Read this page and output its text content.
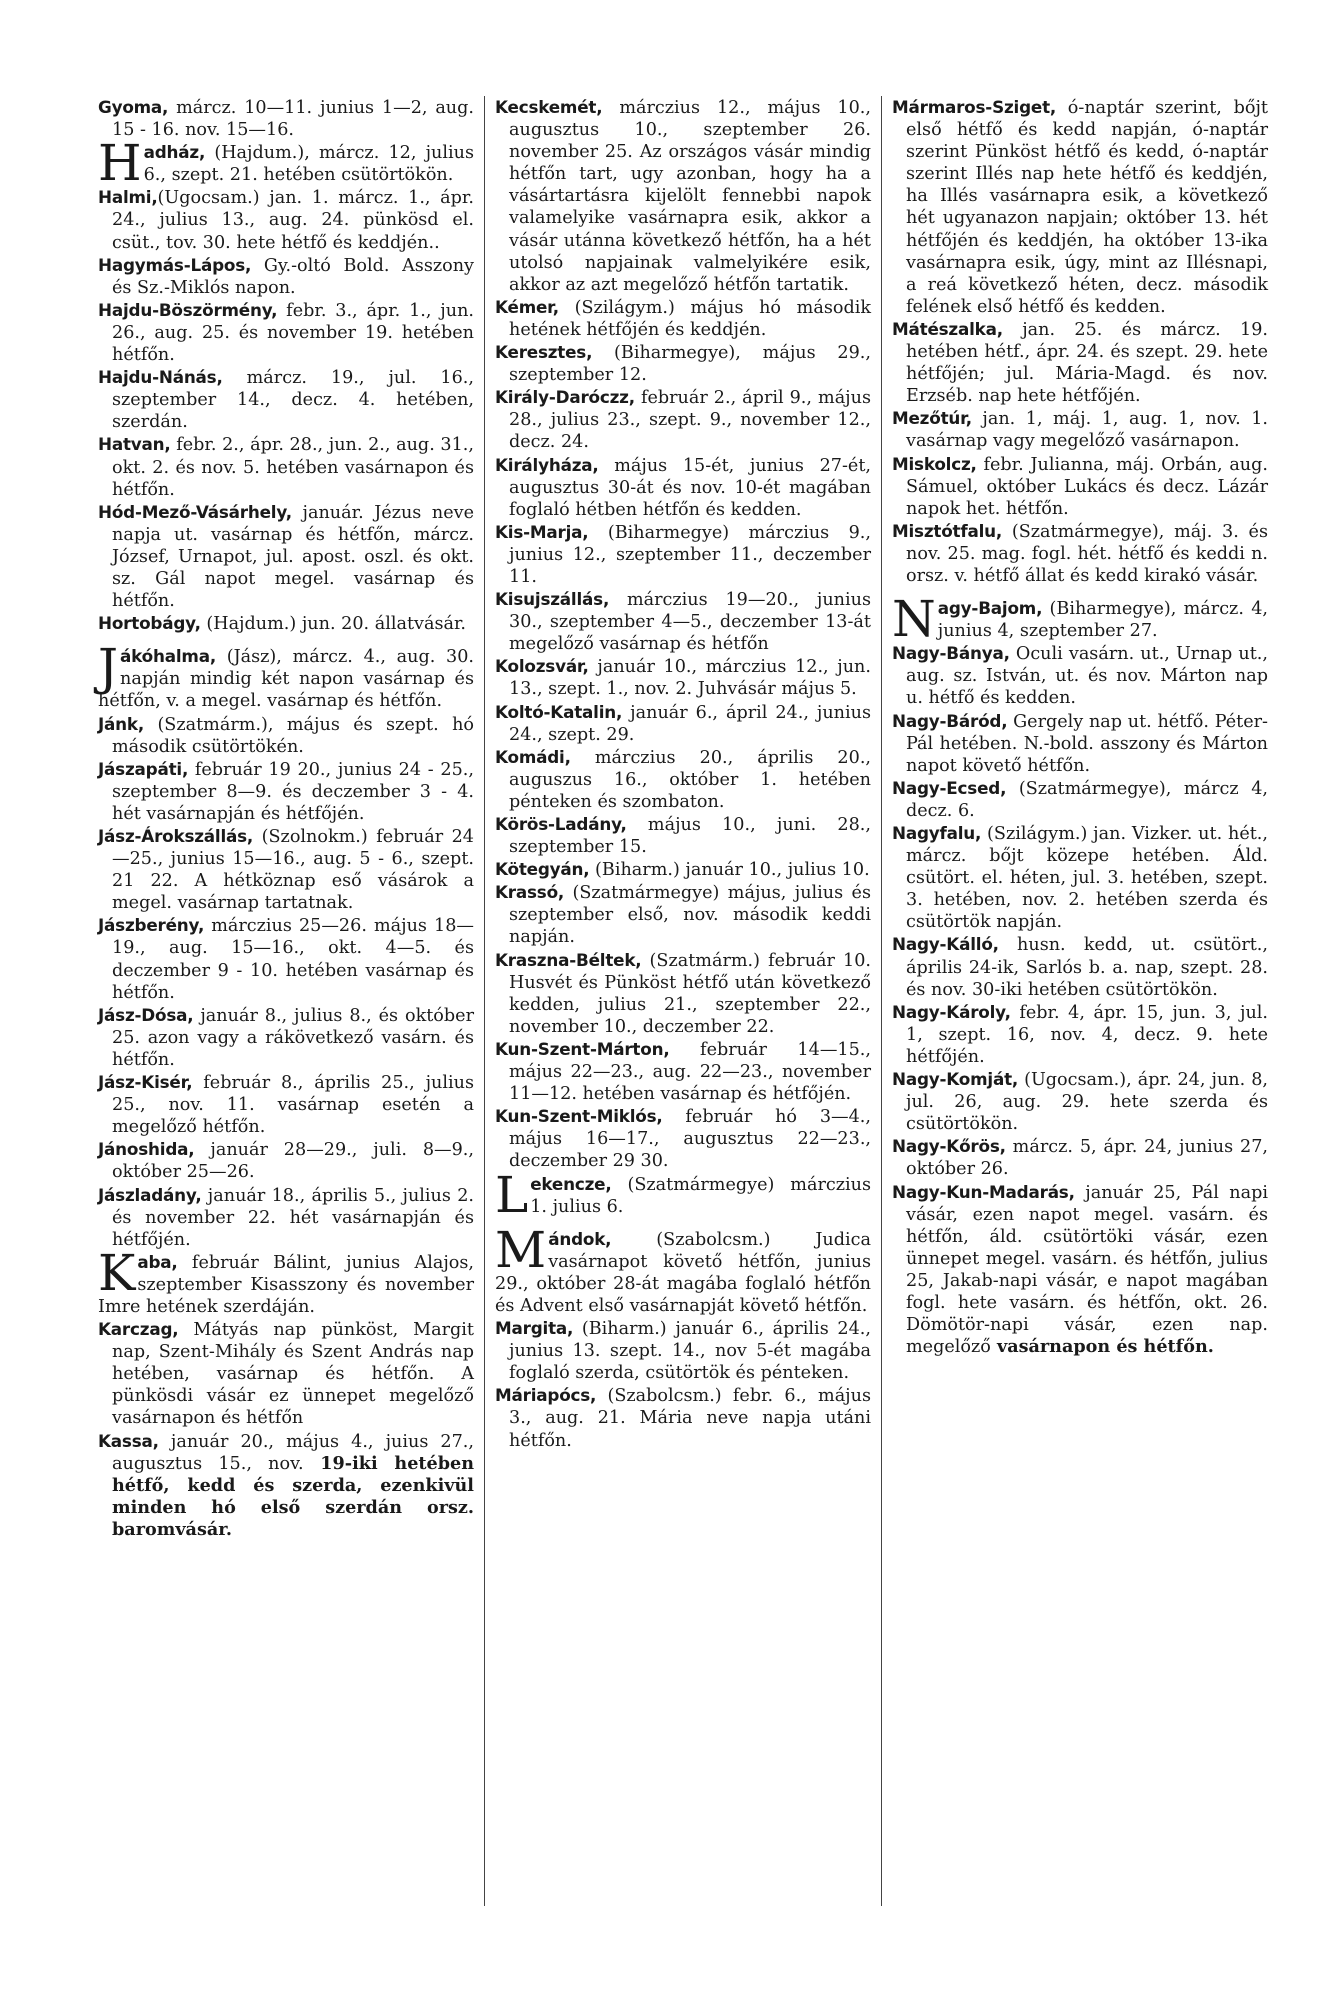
Gyoma, márcz. 10—11. junius 1—2, aug. 15 - 16. nov. 15—16.

Hadház, (Hajdum.), márcz. 12, julius 6., szept. 21. hetében csütörtökön.

Halmi,(Ugocsam.) jan. 1. márcz. 1., ápr. 24., julius 13., aug. 24. pünkösd el. csüt., tov. 30. hete hétfő és keddjén..

Hagymás-Lápos, Gy.-oltó Bold. Asszony és Sz.-Miklós napon.

Hajdu-Böszörmény, febr. 3., ápr. 1., jun. 26., aug. 25. és november 19. hetében hétfőn.

Hajdu-Nánás, márcz. 19., jul. 16., szeptember 14., decz. 4. hetében, szerdán.

Hatvan, febr. 2., ápr. 28., jun. 2., aug. 31., okt. 2. és nov. 5. hetében vasárnapon és hétfőn.

Hód-Mező-Vásárhely, január. Jézus neve napja ut. vasárnap és hétfőn, márcz. József, Urnapot, jul. apost. oszl. és okt. sz. Gál napot megel. vasárnap és hétfőn.

Hortobágy, (Hajdum.) jun. 20. állatvásár.

Jákóhalma, (Jász), márcz. 4., aug. 30. napján mindig két napon vasárnap és hétfőn, v. a megel. vasárnap és hétfőn.

Jánk, (Szatmárm.), május és szept. hó második csütörtökén.

Jászapáti, február 19 20., junius 24 - 25., szeptember 8—9. és deczember 3 - 4. hét vasárnapján és hétfőjén.

Jász-Árokszállás, (Szolnokm.) február 24—25., junius 15—16., aug. 5 - 6., szept. 21 22. A hétköznap eső vásárok a megel. vasárnap tartatnak.

Jászberény, márczius 25—26. május 18—19., aug. 15—16., okt. 4—5. és deczember 9 - 10. hetében vasárnap és hétfőn.

Jász-Dósa, január 8., julius 8., és október 25. azon vagy a rákövetkező vasárn. és hétfőn.

Jász-Kisér, február 8., április 25., julius 25., nov. 11. vasárnap esetén a megelőző hétfőn.

Jánoshida, január 28—29., juli. 8—9., október 25—26.

Jászladány, január 18., április 5., julius 2. és november 22. hét vasárnapján és hétfőjén.

Kaba, február Bálint, junius Alajos, szeptember Kisasszony és november Imre hetének szerdáján.

Karczag, Mátyás nap pünköst, Margit nap, Szent-Mihály és Szent András nap hetében, vasárnap és hétfőn. A pünkösdi vásár ez ünnepet megelőző vasárnapon és hétfőn

Kassa, január 20., május 4., juius 27., augusztus 15., nov. 19-iki hetében hétfő, kedd és szerda, ezenkivül minden hó első szerdán orsz. baromvásár.

Kecskemét, márczius 12., május 10., augusztus 10., szeptember 26. november 25. Az országos vásár mindig hétfőn tart, ugy azonban, hogy ha a vásártartásra kijelölt fennebbi napok valamelyike vasárnapra esik, akkor a vásár utánna következő hétfőn, ha a hét utolsó napjainak valmelyikére esik, akkor az azt megelőző hétfőn tartatik.

Kémer, (Szilágym.) május hó második hetének hétfőjén és keddjén.

Keresztes, (Biharmegye), május 29., szeptember 12.

Király-Daróczz, február 2., ápril 9., május 28., julius 23., szept. 9., november 12., decz. 24.

Királyháza, május 15-ét, junius 27-ét, augusztus 30-át és nov. 10-ét magában foglaló hétben hétfőn és kedden.

Kis-Marja, (Biharmegye) márczius 9., junius 12., szeptember 11., deczember 11.

Kisujszállás, márczius 19—20., junius 30., szeptember 4—5., deczember 13-át megelőző vasárnap és hétfőn

Kolozsvár, január 10., márczius 12., jun. 13., szept. 1., nov. 2. Juhvásár május 5.

Koltó-Katalin, január 6., ápril 24., junius 24., szept. 29.

Komádi, márczius 20., április 20., auguszus 16., október 1. hetében pénteken és szombaton.

Körös-Ladány, május 10., juni. 28., szeptember 15.

Kötegyán, (Biharm.) január 10., julius 10.

Krassó, (Szatmármegye) május, julius és szeptember első, nov. második keddi napján.

Kraszna-Béltek, (Szatmárm.) február 10. Husvét és Pünköst hétfő után következő kedden, julius 21., szeptember 22., november 10., deczember 22.

Kun-Szent-Márton, február 14—15., május 22—23., aug. 22—23., november 11—12. hetében vasárnap és hétfőjén.

Kun-Szent-Miklós, február hó 3—4., május 16—17., augusztus 22—23., deczember 29 30.

Lekencze, (Szatmármegye) márczius 1. julius 6.

Mándok, (Szabolcsm.) Judica vasárnapot követő hétfőn, junius 29., október 28-át magába foglaló hétfőn és Advent első vasárnapját követő hétfőn.

Margita, (Biharm.) január 6., április 24., junius 13. szept. 14., nov 5-ét magába foglaló szerda, csütörtök és pénteken.

Máriapócs, (Szabolcsm.) febr. 6., május 3., aug. 21. Mária neve napja utáni hétfőn.

Mármaros-Sziget, ó-naptár szerint, bőjt első hétfő és kedd napján, ó-naptár szerint Pünköst hétfő és kedd, ó-naptár szerint Illés nap hete hétfő és keddjén, ha Illés vasárnapra esik, a következő hét ugyanazon napjain; október 13. hét hétfőjén és keddjén, ha október 13-ika vasárnapra esik, úgy, mint az Illésnapi, a reá következő héten, decz. második felének első hétfő és kedden.

Mátészalka, jan. 25. és márcz. 19. hetében hétf., ápr. 24. és szept. 29. hete hétfőjén; jul. Mária-Magd. és nov. Erzséb. nap hete hétfőjén.

Mezőtúr, jan. 1, máj. 1, aug. 1, nov. 1. vasárnap vagy megelőző vasárnapon.

Miskolcz, febr. Julianna, máj. Orbán, aug. Sámuel, október Lukács és decz. Lázár napok het. hétfőn.

Misztótfalu, (Szatmármegye), máj. 3. és nov. 25. mag. fogl. hét. hétfő és keddi n. orsz. v. hétfő állat és kedd kirakó vásár.

Nagy-Bajom, (Biharmegye), márcz. 4, junius 4, szeptember 27.

Nagy-Bánya, Oculi vasárn. ut., Urnap ut., aug. sz. István, ut. és nov. Márton nap u. hétfő és kedden.

Nagy-Báród, Gergely nap ut. hétfő. Péter-Pál hetében. N.-bold. asszony és Márton napot követő hétfőn.

Nagy-Ecsed, (Szatmármegye), márcz 4, decz. 6.

Nagyfalu, (Szilágym.) jan. Vizker. ut. hét., márcz. bőjt közepe hetében. Áld. csütört. el. héten, jul. 3. hetében, szept. 3. hetében, nov. 2. hetében szerda és csütörtök napján.

Nagy-Kálló, husn. kedd, ut. csütört., április 24-ik, Sarlós b. a. nap, szept. 28. és nov. 30-iki hetében csütörtökön.

Nagy-Károly, febr. 4, ápr. 15, jun. 3, jul. 1, szept. 16, nov. 4, decz. 9. hete hétfőjén.

Nagy-Komját, (Ugocsam.), ápr. 24, jun. 8, jul. 26, aug. 29. hete szerda és csütörtökön.

Nagy-Kőrös, márcz. 5, ápr. 24, junius 27, október 26.

Nagy-Kun-Madarás, január 25, Pál napi vásár, ezen napot megel. vasárn. és hétfőn, áld. csütörtöki vásár, ezen ünnepet megel. vasárn. és hétfőn, julius 25, Jakab-napi vásár, e napot magában fogl. hete vasárn. és hétfőn, okt. 26. Dömötör-napi vásár, ezen nap. megelőző vasárnapon és hétfőn.
